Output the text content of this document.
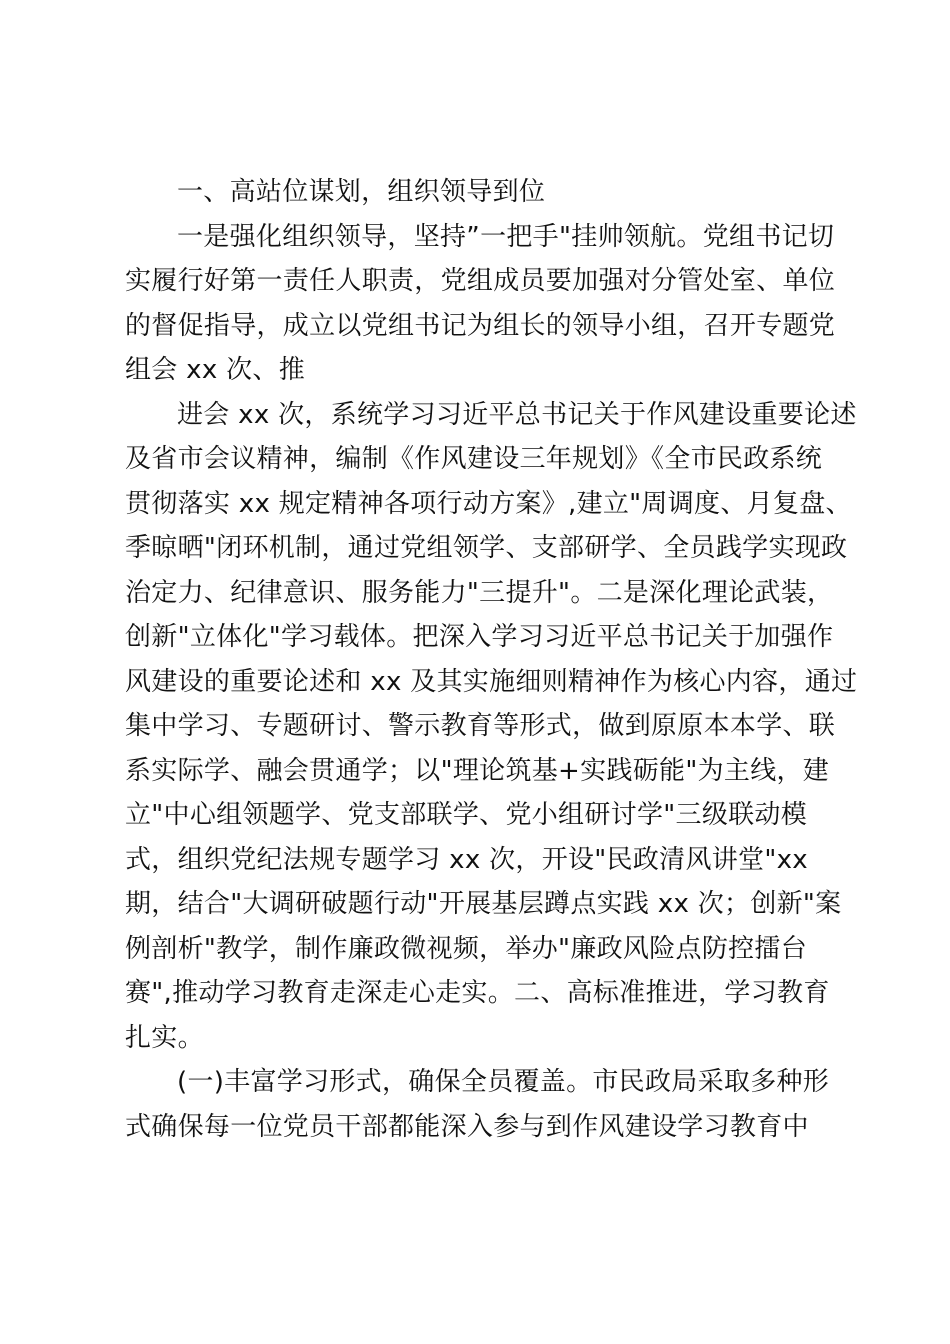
一、高站位谋划，组织领导到位
一是强化组织领导，坚持”一把手"挂帅领航。党组书记切
实履行好第一责任人职责，党组成员要加强对分管处室、单位
的督促指导，成立以党组书记为组长的领导小组，召开专题党
组会 xx 次、推
进会 xx 次，系统学习习近平总书记关于作风建设重要论述
及省市会议精神，编制《作风建设三年规划》《全市民政系统
贯彻落实 xx 规定精神各项行动方案》,建立"周调度、月复盘、
季晾晒"闭环机制，通过党组领学、支部研学、全员践学实现政
治定力、纪律意识、服务能力"三提升"。二是深化理论武装，
创新"立体化"学习载体。把深入学习习近平总书记关于加强作
风建设的重要论述和 xx 及其实施细则精神作为核心内容，通过
集中学习、专题研讨、警示教育等形式，做到原原本本学、联
系实际学、融会贯通学；以"理论筑基+实践砺能"为主线，建
立"中心组领题学、党支部联学、党小组研讨学"三级联动模
式，组织党纪法规专题学习 xx 次，开设"民政清风讲堂"xx
期，结合"大调研破题行动"开展基层蹲点实践 xx 次；创新"案
例剖析"教学，制作廉政微视频，举办"廉政风险点防控擂台
赛",推动学习教育走深走心走实。二、高标准推进，学习教育
扎实。
(一)丰富学习形式，确保全员覆盖。市民政局采取多种形
式确保每一位党员干部都能深入参与到作风建设学习教育中
